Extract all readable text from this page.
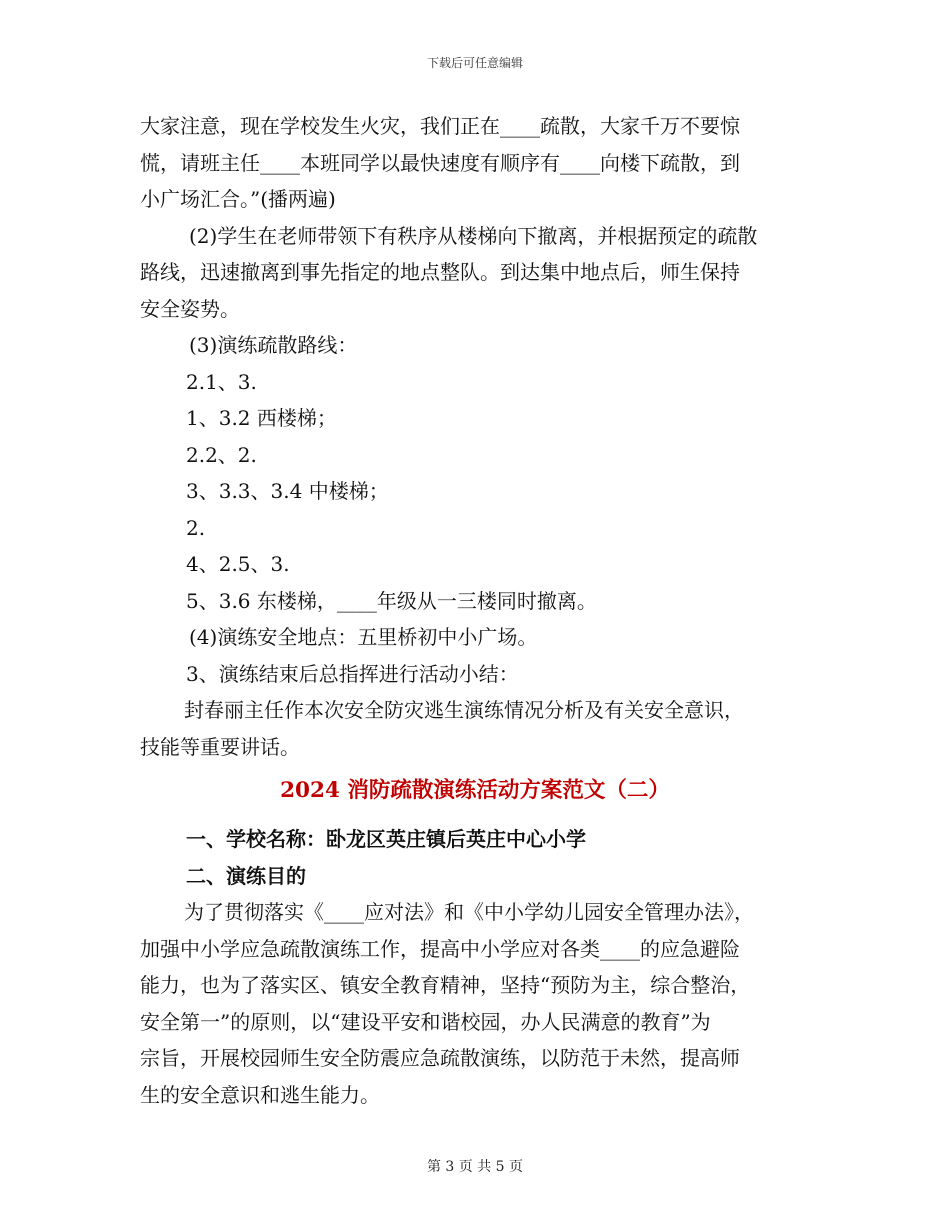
下载后可任意编辑
大家注意，现在学校发生火灾，我们正在____疏散，大家千万不要惊
慌，请班主任____本班同学以最快速度有顺序有____向楼下疏散，到
小广场汇合。”(播两遍)
(2)学生在老师带领下有秩序从楼梯向下撤离，并根据预定的疏散
路线，迅速撤离到事先指定的地点整队。到达集中地点后，师生保持
安全姿势。
(3)演练疏散路线：
2.1、3.
1、3.2 西楼梯；
2.2、2.
3、3.3、3.4 中楼梯；
2.
4、2.5、3.
5、3.6 东楼梯，____年级从一三楼同时撤离。
(4)演练安全地点：五里桥初中小广场。
3、演练结束后总指挥进行活动小结：
封春丽主任作本次安全防灾逃生演练情况分析及有关安全意识，
技能等重要讲话。
2024 消防疏散演练活动方案范文（二）
一、学校名称：卧龙区英庄镇后英庄中心小学
二、演练目的
为了贯彻落实《____应对法》和《中小学幼儿园安全管理办法》，
加强中小学应急疏散演练工作，提高中小学应对各类____的应急避险
能力，也为了落实区、镇安全教育精神，坚持“预防为主，综合整治，
安全第一”的原则，以“建设平安和谐校园，办人民满意的教育”为
宗旨，开展校园师生安全防震应急疏散演练，以防范于未然，提高师
生的安全意识和逃生能力。
第 3 页 共 5 页
